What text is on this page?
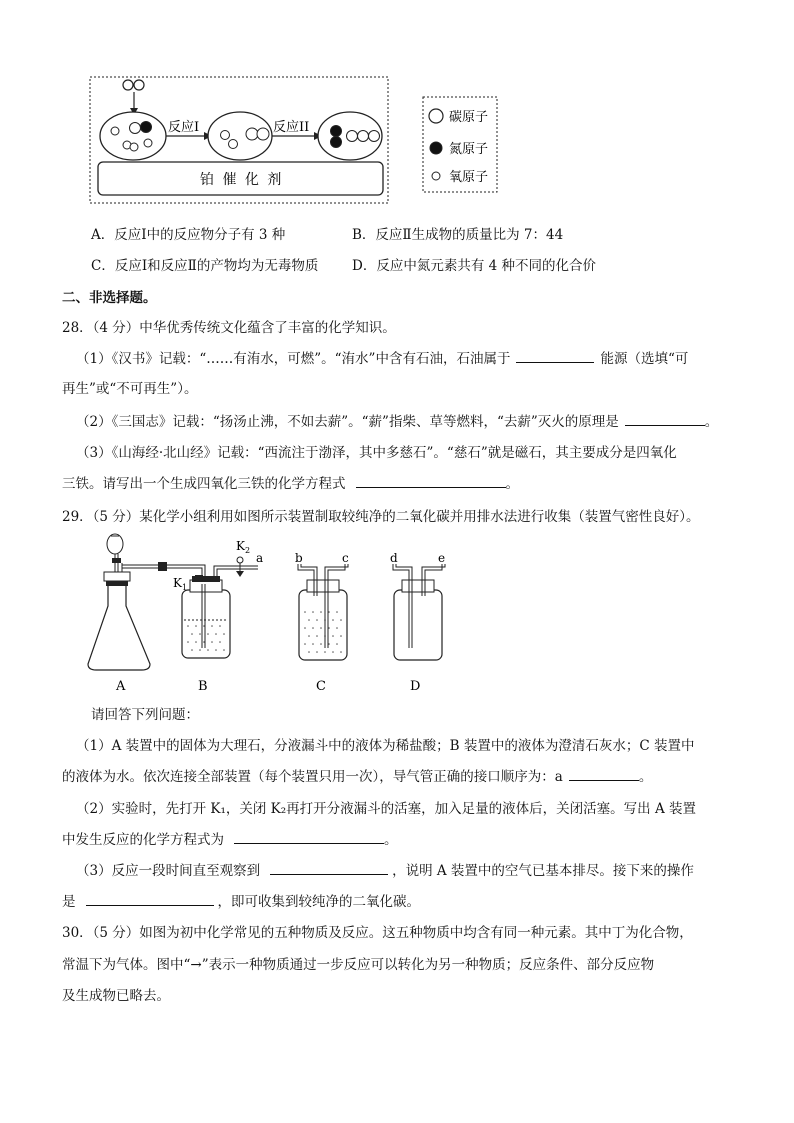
反应I	反应II
铂 催 化 剂
碳原子
氮原子
氧原子
A．反应Ⅰ中的反应物分子有 3 种	B．反应Ⅱ生成物的质量比为 7：44
C．反应Ⅰ和反应Ⅱ的产物均为无毒物质 D．反应中氮元素共有 4 种不同的化合价
二、非选择题。
28．（4 分）中华优秀传统文化蕴含了丰富的化学知识。
（1）《汉书》记载：“……有洧水，可燃”。“洧水”中含有石油，石油属于	能源（选填“可
再生”或“不可再生”）。
（2）《三国志》记载：“扬汤止沸，不如去薪”。“薪”指柴、草等燃料，“去薪”灭火的原理是	。
（3）《山海经·北山经》记载：“西流注于渤泽，其中多慈石”。“慈石”就是磁石，其主要成分是四氧化
三铁。请写出一个生成四氧化三铁的化学方程式	。
29．（5 分）某化学小组利用如图所示装置制取较纯净的二氧化碳并用排水法进行收集（装置气密性良好）。
$K_2$
a
$K_1$
b	c	d	e
A	B	C	D
请回答下列问题：
（1）A 装置中的固体为大理石，分液漏斗中的液体为稀盐酸；B 装置中的液体为澄清石灰水；C 装置中
的液体为水。依次连接全部装置（每个装置只用一次），导气管正确的接口顺序为：a	。
（2）实验时，先打开 K₁，关闭 K₂再打开分液漏斗的活塞，加入足量的液体后，关闭活塞。写出 A 装置
中发生反应的化学方程式为	。
（3）反应一段时间直至观察到	，说明 A 装置中的空气已基本排尽。接下来的操作
是	，即可收集到较纯净的二氧化碳。
30．（5 分）如图为初中化学常见的五种物质及反应。这五种物质中均含有同一种元素。其中丁为化合物，
常温下为气体。图中“→”表示一种物质通过一步反应可以转化为另一种物质；反应条件、部分反应物
及生成物已略去。
